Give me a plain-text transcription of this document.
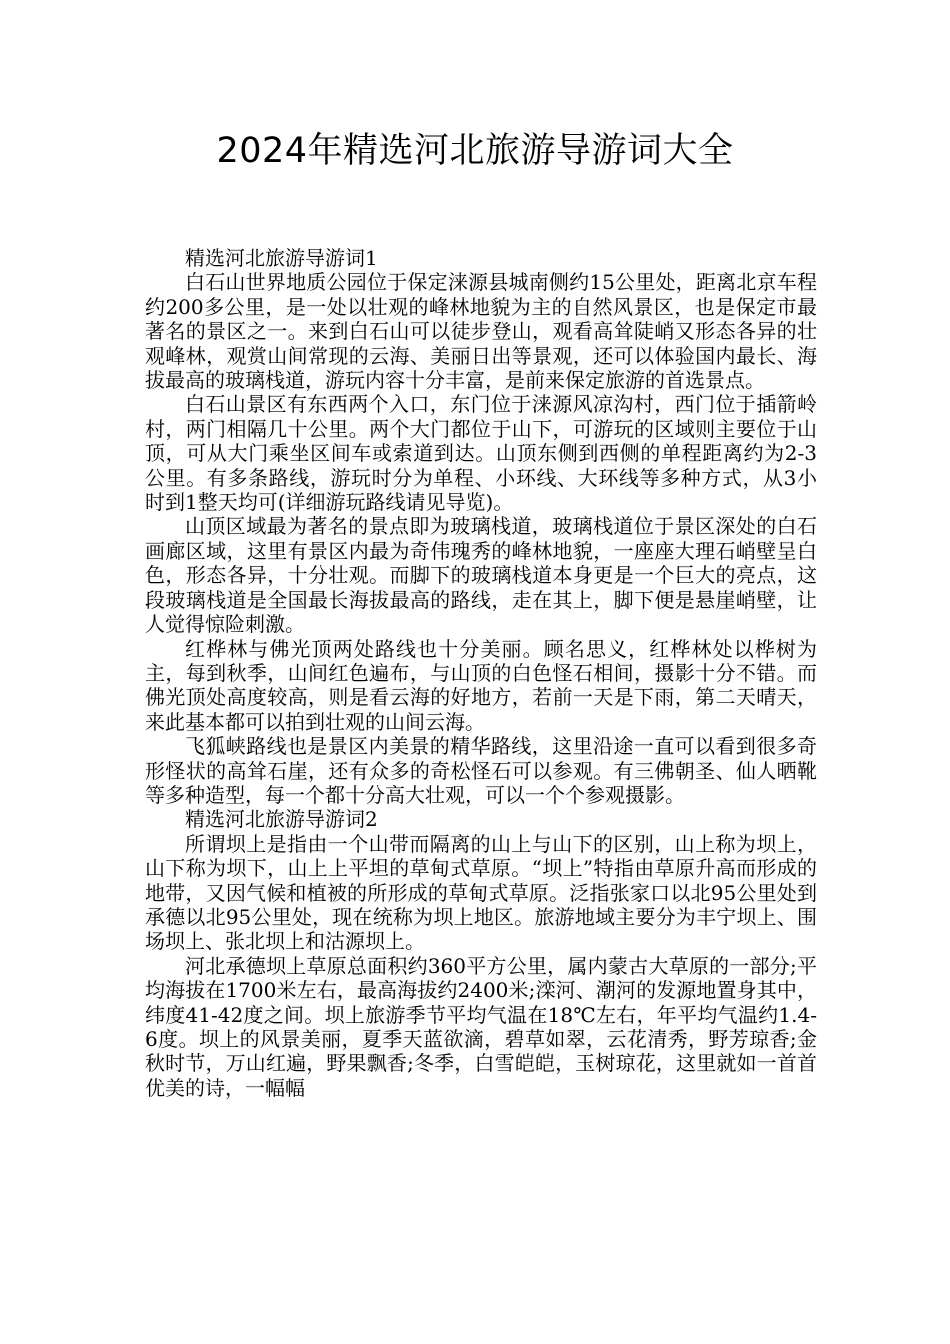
2024年精选河北旅游导游词大全

精选河北旅游导游词1

白石山世界地质公园位于保定涞源县城南侧约15公里处，距离北京车程约200多公里，是一处以壮观的峰林地貌为主的自然风景区，也是保定市最著名的景区之一。来到白石山可以徒步登山，观看高耸陡峭又形态各异的壮观峰林，观赏山间常现的云海、美丽日出等景观，还可以体验国内最长、海拔最高的玻璃栈道，游玩内容十分丰富，是前来保定旅游的首选景点。

白石山景区有东西两个入口，东门位于涞源风凉沟村，西门位于插箭岭村，两门相隔几十公里。两个大门都位于山下，可游玩的区域则主要位于山顶，可从大门乘坐区间车或索道到达。山顶东侧到西侧的单程距离约为2-3公里。有多条路线，游玩时分为单程、小环线、大环线等多种方式，从3小时到1整天均可(详细游玩路线请见导览)。

山顶区域最为著名的景点即为玻璃栈道，玻璃栈道位于景区深处的白石画廊区域，这里有景区内最为奇伟瑰秀的峰林地貌，一座座大理石峭壁呈白色，形态各异，十分壮观。而脚下的玻璃栈道本身更是一个巨大的亮点，这段玻璃栈道是全国最长海拔最高的路线，走在其上，脚下便是悬崖峭壁，让人觉得惊险刺激。

红桦林与佛光顶两处路线也十分美丽。顾名思义，红桦林处以桦树为主，每到秋季，山间红色遍布，与山顶的白色怪石相间，摄影十分不错。而佛光顶处高度较高，则是看云海的好地方，若前一天是下雨，第二天晴天，来此基本都可以拍到壮观的山间云海。

飞狐峡路线也是景区内美景的精华路线，这里沿途一直可以看到很多奇形怪状的高耸石崖，还有众多的奇松怪石可以参观。有三佛朝圣、仙人晒靴等多种造型，每一个都十分高大壮观，可以一个个参观摄影。

精选河北旅游导游词2

所谓坝上是指由一个山带而隔离的山上与山下的区别，山上称为坝上，山下称为坝下，山上上平坦的草甸式草原。“坝上”特指由草原升高而形成的地带，又因气候和植被的所形成的草甸式草原。泛指张家口以北95公里处到承德以北95公里处，现在统称为坝上地区。旅游地域主要分为丰宁坝上、围场坝上、张北坝上和沽源坝上。

河北承德坝上草原总面积约360平方公里，属内蒙古大草原的一部分;平均海拔在1700米左右，最高海拔约2400米;滦河、潮河的发源地置身其中，纬度41-42度之间。坝上旅游季节平均气温在18℃左右，年平均气温约1.4-6度。坝上的风景美丽，夏季天蓝欲滴，碧草如翠，云花清秀，野芳琼香;金秋时节，万山红遍，野果飘香;冬季，白雪皑皑，玉树琼花，这里就如一首首优美的诗，一幅幅
